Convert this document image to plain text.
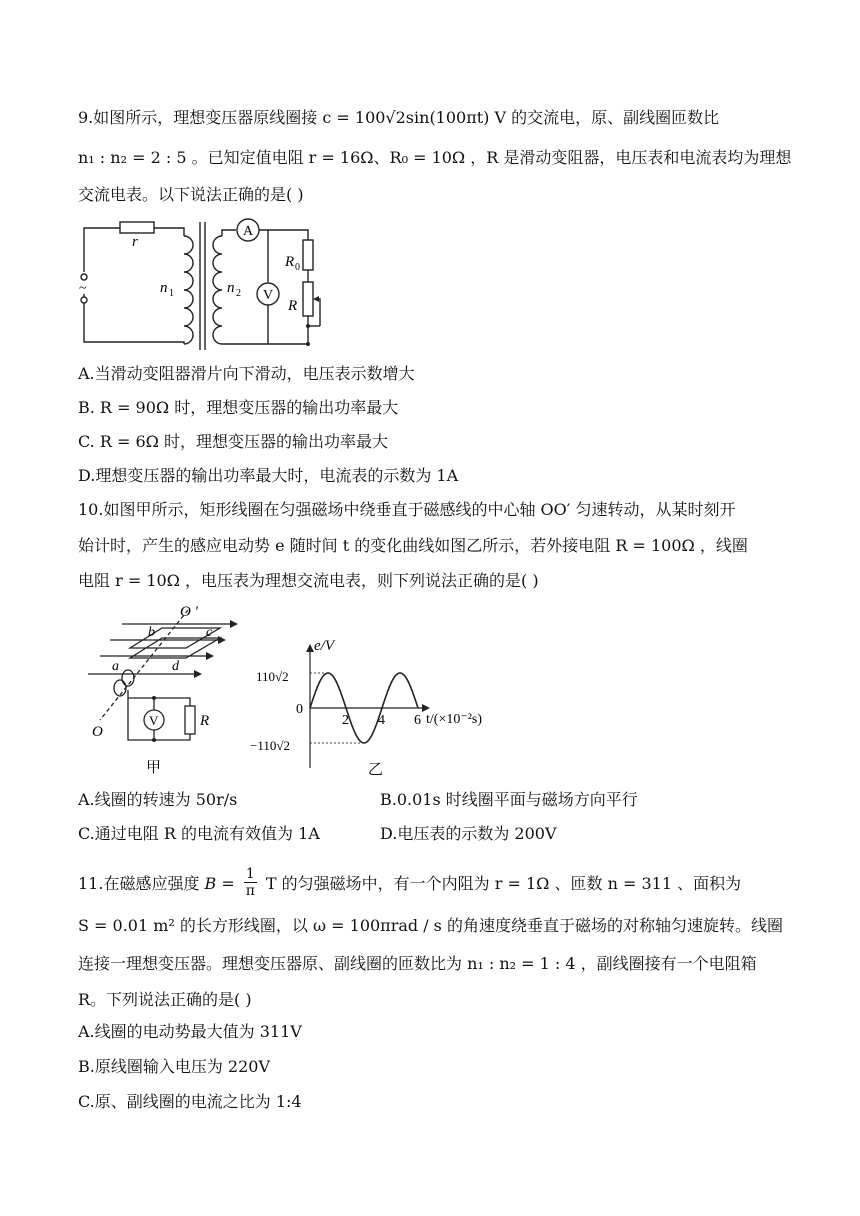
9.如图所示，理想变压器原线圈接 c = 100√2sin(100πt) V 的交流电，原、副线圈匝数比
n₁ : n₂ = 2 : 5 。已知定值电阻 r = 16Ω、R₀ = 10Ω ，R 是滑动变阻器，电压表和电流表均为理想
交流电表。以下说法正确的是( )
r
~	n 1	n 2
A
V
R 0
R
A.当滑动变阻器滑片向下滑动，电压表示数增大
B. R = 90Ω 时，理想变压器的输出功率最大
C. R = 6Ω 时，理想变压器的输出功率最大
D.理想变压器的输出功率最大时，电流表的示数为 1A
10.如图甲所示，矩形线圈在匀强磁场中绕垂直于磁感线的中心轴 OO′ 匀速转动，从某时刻开
始计时，产生的感应电动势 e 随时间 t 的变化曲线如图乙所示，若外接电阻 R = 100Ω ，线圈
电阻 r = 10Ω ，电压表为理想交流电表，则下列说法正确的是( )
O ′
b	c
a	d
O
V	R
甲
2 4 6
e/V
110√2
0
−110√2
t/(×10⁻²s)
乙
A.线圈的转速为 50r/s	B.0.01s 时线圈平面与磁场方向平行
C.通过电阻 R 的电流有效值为 1A	D.电压表的示数为 200V
11.在磁感应强度 $B = \frac{1}{\pi}$ T 的匀强磁场中，有一个内阻为 r = 1Ω 、匝数 n = 311 、面积为
S = 0.01 m² 的长方形线圈，以 ω = 100πrad / s 的角速度绕垂直于磁场的对称轴匀速旋转。线圈
连接一理想变压器。理想变压器原、副线圈的匝数比为 n₁ : n₂ = 1 : 4 ，副线圈接有一个电阻箱
R。下列说法正确的是( )
A.线圈的电动势最大值为 311V
B.原线圈输入电压为 220V
C.原、副线圈的电流之比为 1:4
